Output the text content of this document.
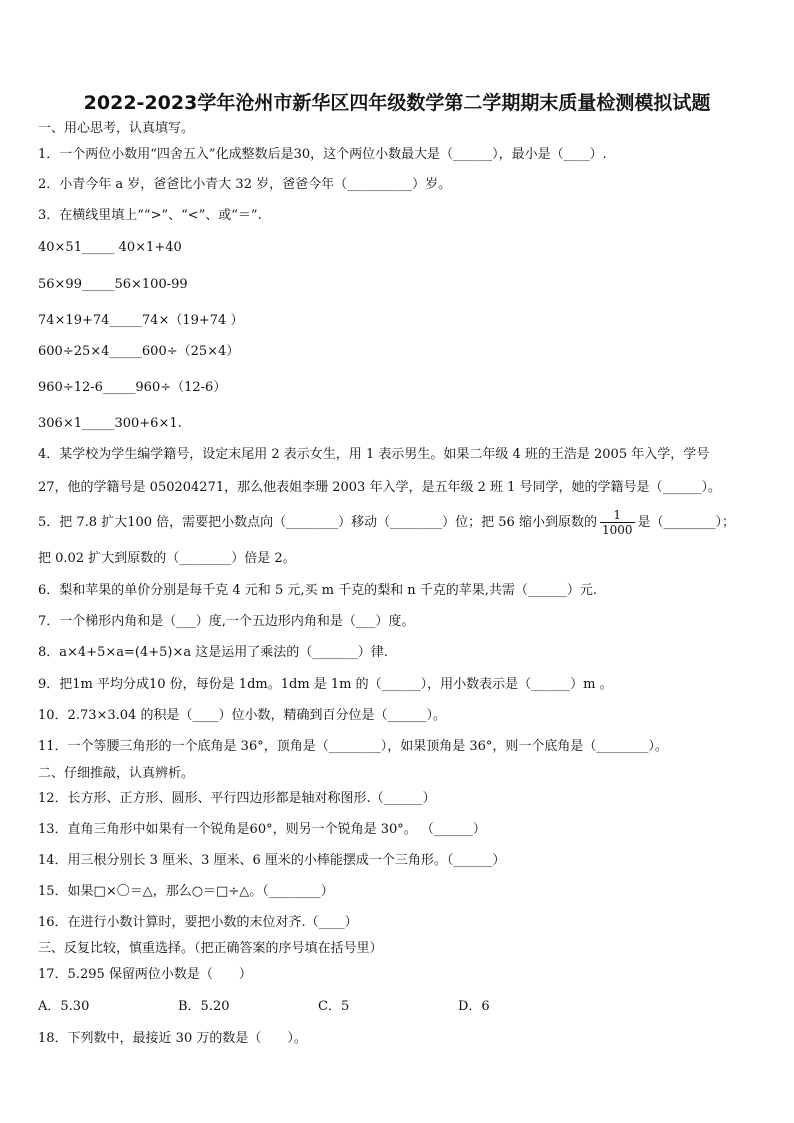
2022-2023学年沧州市新华区四年级数学第二学期期末质量检测模拟试题
一、用心思考，认真填写。
1．一个两位小数用“四舍五入”化成整数后是30，这个两位小数最大是（______），最小是（____）.
2．小青今年 a 岁，爸爸比小青大 32 岁，爸爸今年（__________）岁。
3．在横线里填上““>”、“<”、或“＝”.
40×51_____ 40×1+40
56×99_____56×100-99
74×19+74_____74×（19+74 ）
600÷25×4_____600÷（25×4）
960÷12-6_____960÷（12-6）
306×1_____300+6×1.
4．某学校为学生编学籍号，设定末尾用 2 表示女生，用 1 表示男生。如果二年级 4 班的王浩是 2005 年入学，学号
27，他的学籍号是 050204271，那么他表姐李珊 2003 年入学，是五年级 2 班 1 号同学，她的学籍号是（______）。
5．把 7.8 扩大100 倍，需要把小数点向（________）移动（________）位；把 56 缩小到原数的 $\frac{1}{1000}$ 是（________）；
把 0.02 扩大到原数的（________）倍是 2。
6．梨和苹果的单价分别是每千克 4 元和 5 元,买 m 千克的梨和 n 千克的苹果,共需（______）元.
7．一个梯形内角和是（___）度,一个五边形内角和是（___）度。
8．a×4+5×a=(4+5)×a 这是运用了乘法的（_______）律.
9．把1m 平均分成10 份，每份是 1dm。1dm 是 1m 的（______），用小数表示是（______）m 。
10．2.73×3.04 的积是（____）位小数，精确到百分位是（______）。
11．一个等腰三角形的一个底角是 36°，顶角是（________），如果顶角是 36°，则一个底角是（________）。
二、仔细推敲，认真辨析。
12．长方形、正方形、圆形、平行四边形都是轴对称图形.（______）
13．直角三角形中如果有一个锐角是60°，则另一个锐角是 30°。 （______）
14．用三根分别长 3 厘米、3 厘米、6 厘米的小棒能摆成一个三角形。（______）
15．如果□×〇＝△，那么○＝□÷△。（________）
16．在进行小数计算时，要把小数的末位对齐.（____）
三、反复比较，慎重选择。（把正确答案的序号填在括号里）
17．5.295 保留两位小数是（　　）
A．5.30	B．5.20	C．5	D．6
18．下列数中，最接近 30 万的数是（　　）。
